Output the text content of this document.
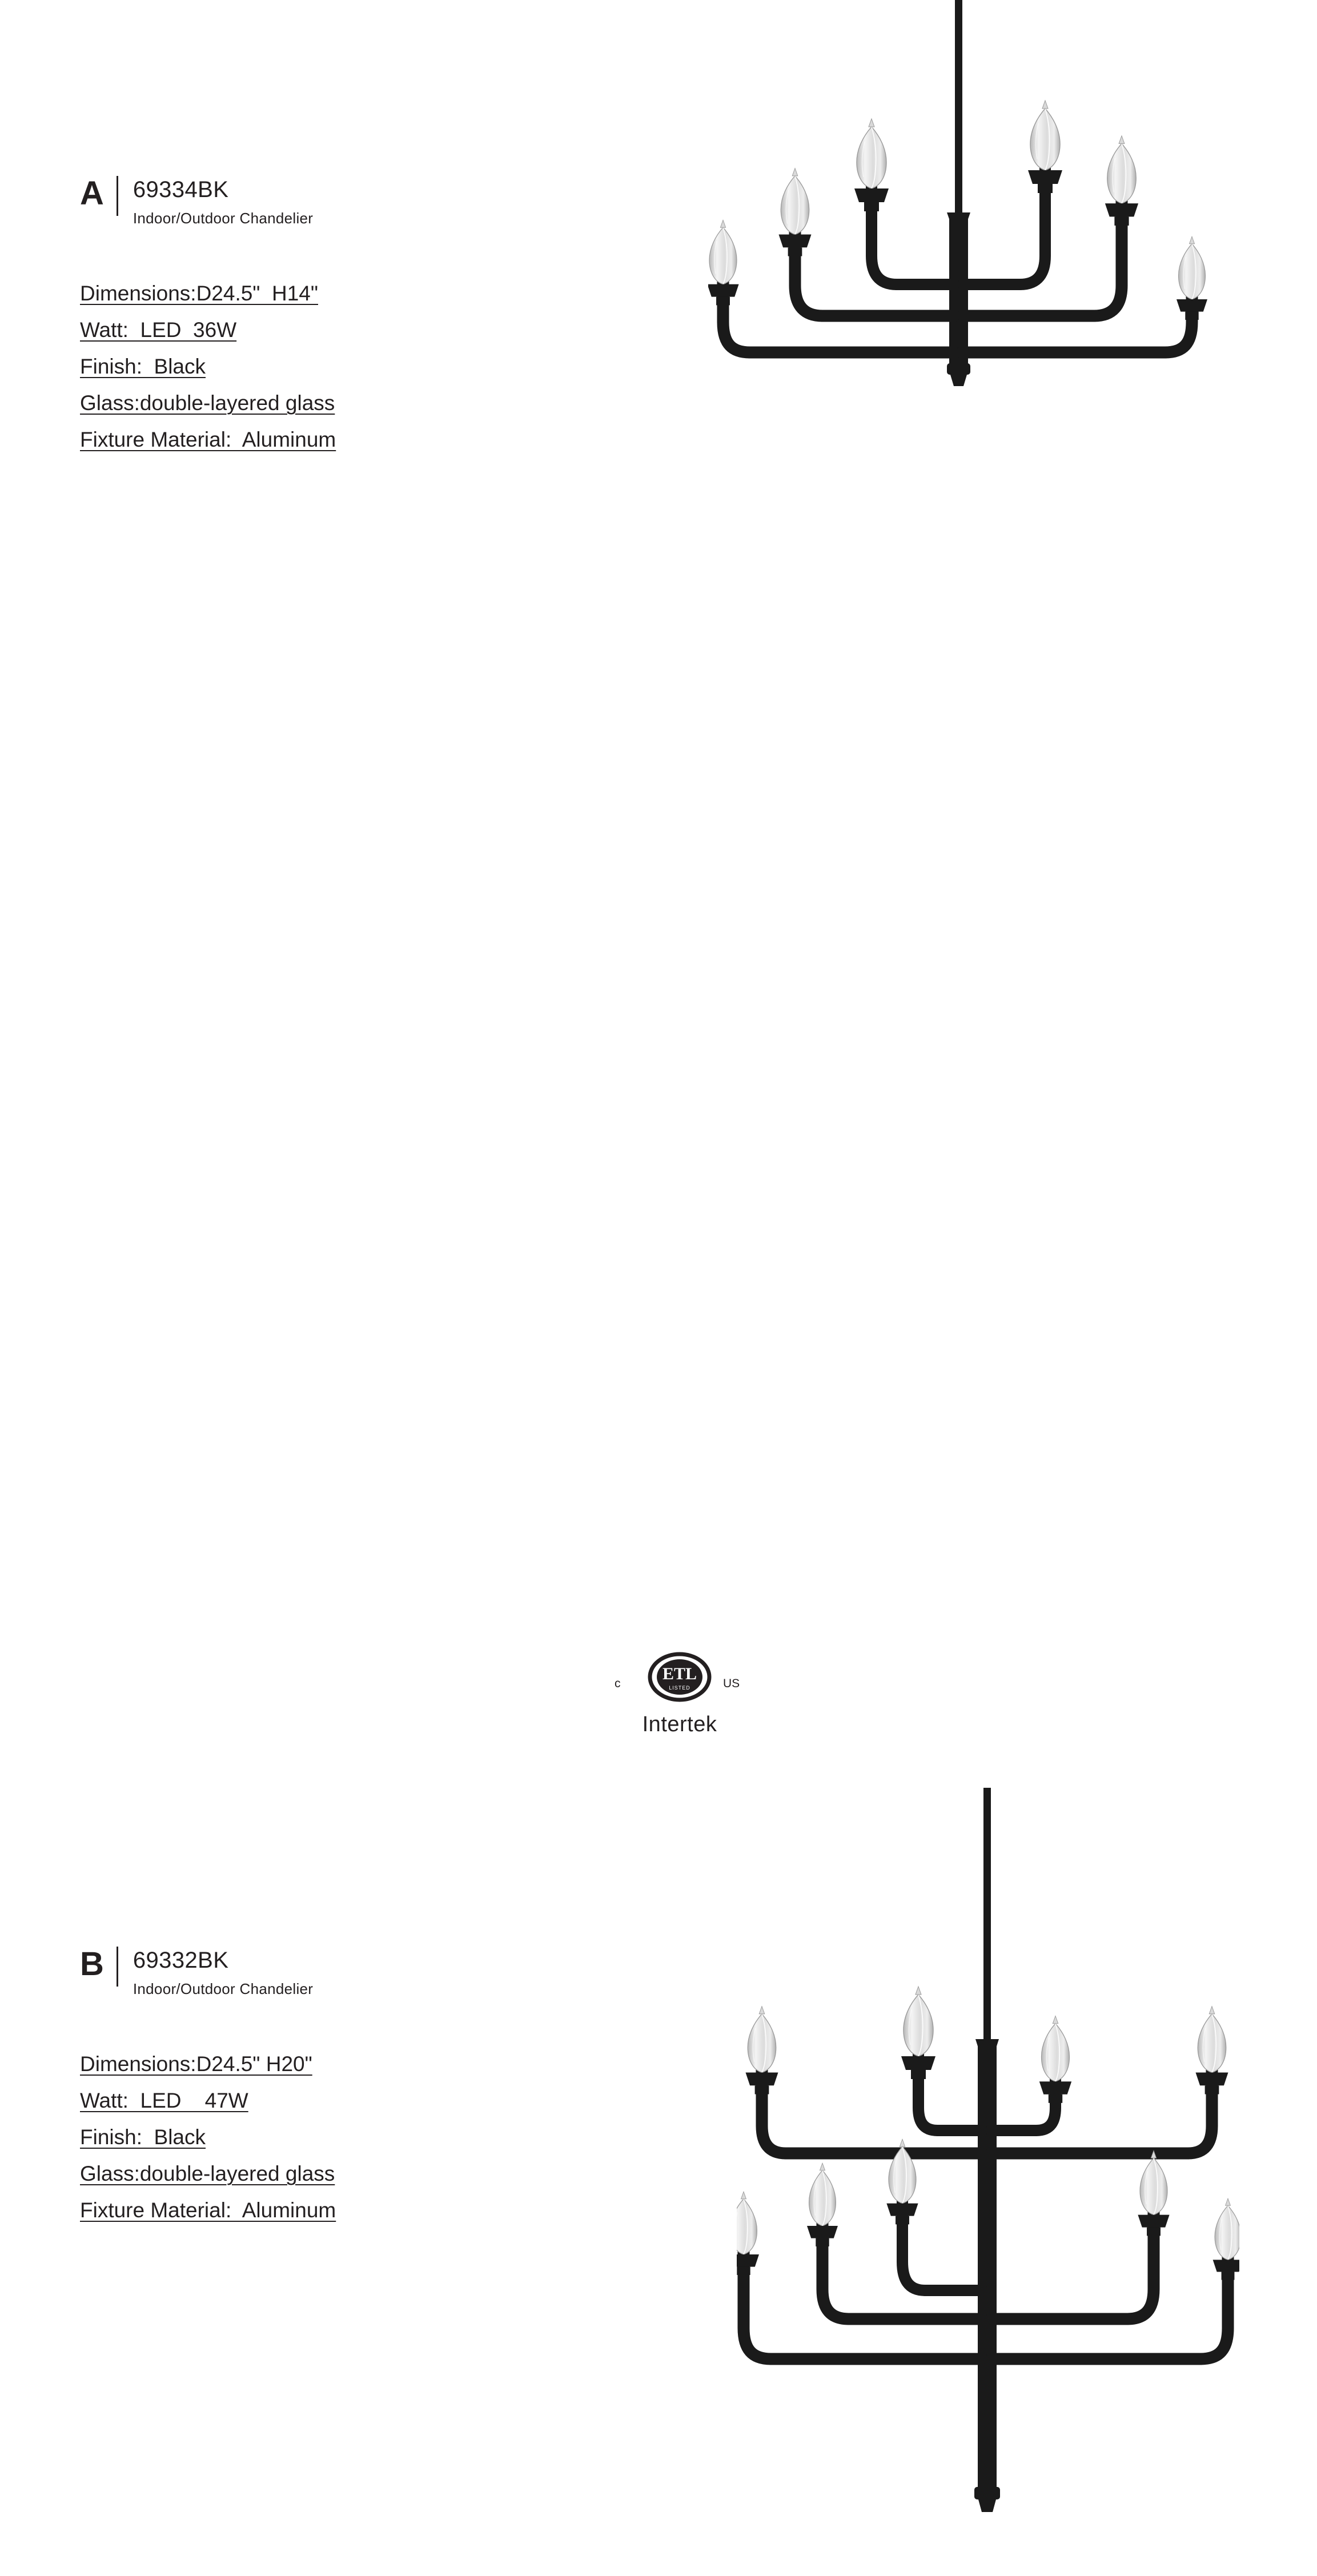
A	69334BK
Indoor/Outdoor Chandelier
Dimensions:D24.5"  H14"
Watt:  LED  36W
Finish:  Black
Glass:double-layered glass
Fixture Material:  Aluminum
B	69332BK
Indoor/Outdoor Chandelier
Dimensions:D24.5" H20"
Watt:  LED    47W
Finish:  Black
Glass:double-layered glass
Fixture Material:  Aluminum
c	US
ETL
LISTED
Intertek
